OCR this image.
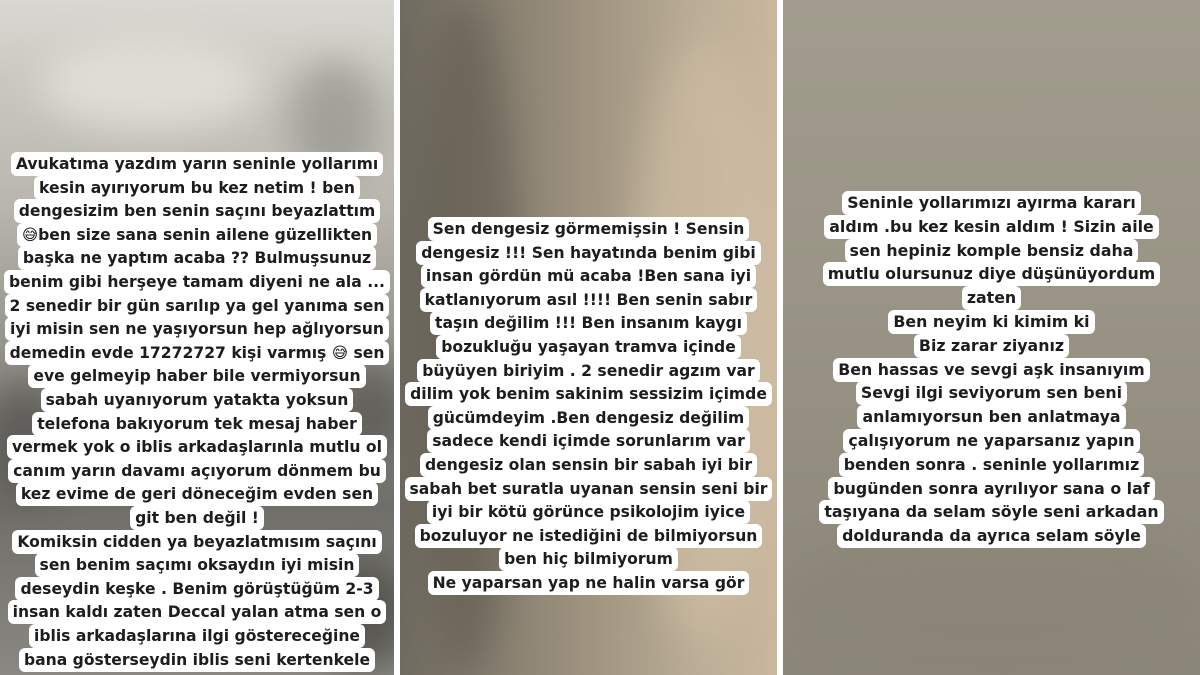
Avukatıma yazdım yarın seninle yollarımı
kesin ayırıyorum bu kez netim ! ben
dengesizim ben senin saçını beyazlattım
😅ben size sana senin ailene güzellikten
başka ne yaptım acaba ?? Bulmuşsunuz
benim gibi herşeye tamam diyeni ne ala ...
2 senedir bir gün sarılıp ya gel yanıma sen
iyi misin sen ne yaşıyorsun hep ağlıyorsun
demedin evde 17272727 kişi varmış 😅 sen
eve gelmeyip haber bile vermiyorsun
sabah uyanıyorum yatakta yoksun
telefona bakıyorum tek mesaj haber
vermek yok o iblis arkadaşlarınla mutlu ol
canım yarın davamı açıyorum dönmem bu
kez evime de geri döneceğim evden sen
git ben değil !
Komiksin cidden ya beyazlatmısım saçını
sen benim saçımı oksaydın iyi misin
deseydin keşke . Benim görüştüğüm 2-3
insan kaldı zaten Deccal yalan atma sen o
iblis arkadaşlarına ilgi göstereceğine
bana gösterseydin iblis seni kertenkele
Sen dengesiz görmemişsin ! Sensin
dengesiz !!! Sen hayatında benim gibi
insan gördün mü acaba !Ben sana iyi
katlanıyorum asıl !!!! Ben senin sabır
taşın değilim !!! Ben insanım kaygı
bozukluğu yaşayan tramva içinde
büyüyen biriyim . 2 senedir agzım var
dilim yok benim sakinim sessizim içimde
gücümdeyim .Ben dengesiz değilim
sadece kendi içimde sorunlarım var
dengesiz olan sensin bir sabah iyi bir
sabah bet suratla uyanan sensin seni bir
iyi bir kötü görünce psikolojim iyice
bozuluyor ne istediğini de bilmiyorsun
ben hiç bilmiyorum
Ne yaparsan yap ne halin varsa gör
Seninle yollarımızı ayırma kararı
aldım .bu kez kesin aldım ! Sizin aile
sen hepiniz komple bensiz daha
mutlu olursunuz diye düşünüyordum
zaten
Ben neyim ki kimim ki
Biz zarar ziyanız
Ben hassas ve sevgi aşk insanıyım
Sevgi ilgi seviyorum sen beni
anlamıyorsun ben anlatmaya
çalışıyorum ne yaparsanız yapın
benden sonra . seninle yollarımız
bugünden sonra ayrılıyor sana o laf
taşıyana da selam söyle seni arkadan
dolduranda da ayrıca selam söyle
